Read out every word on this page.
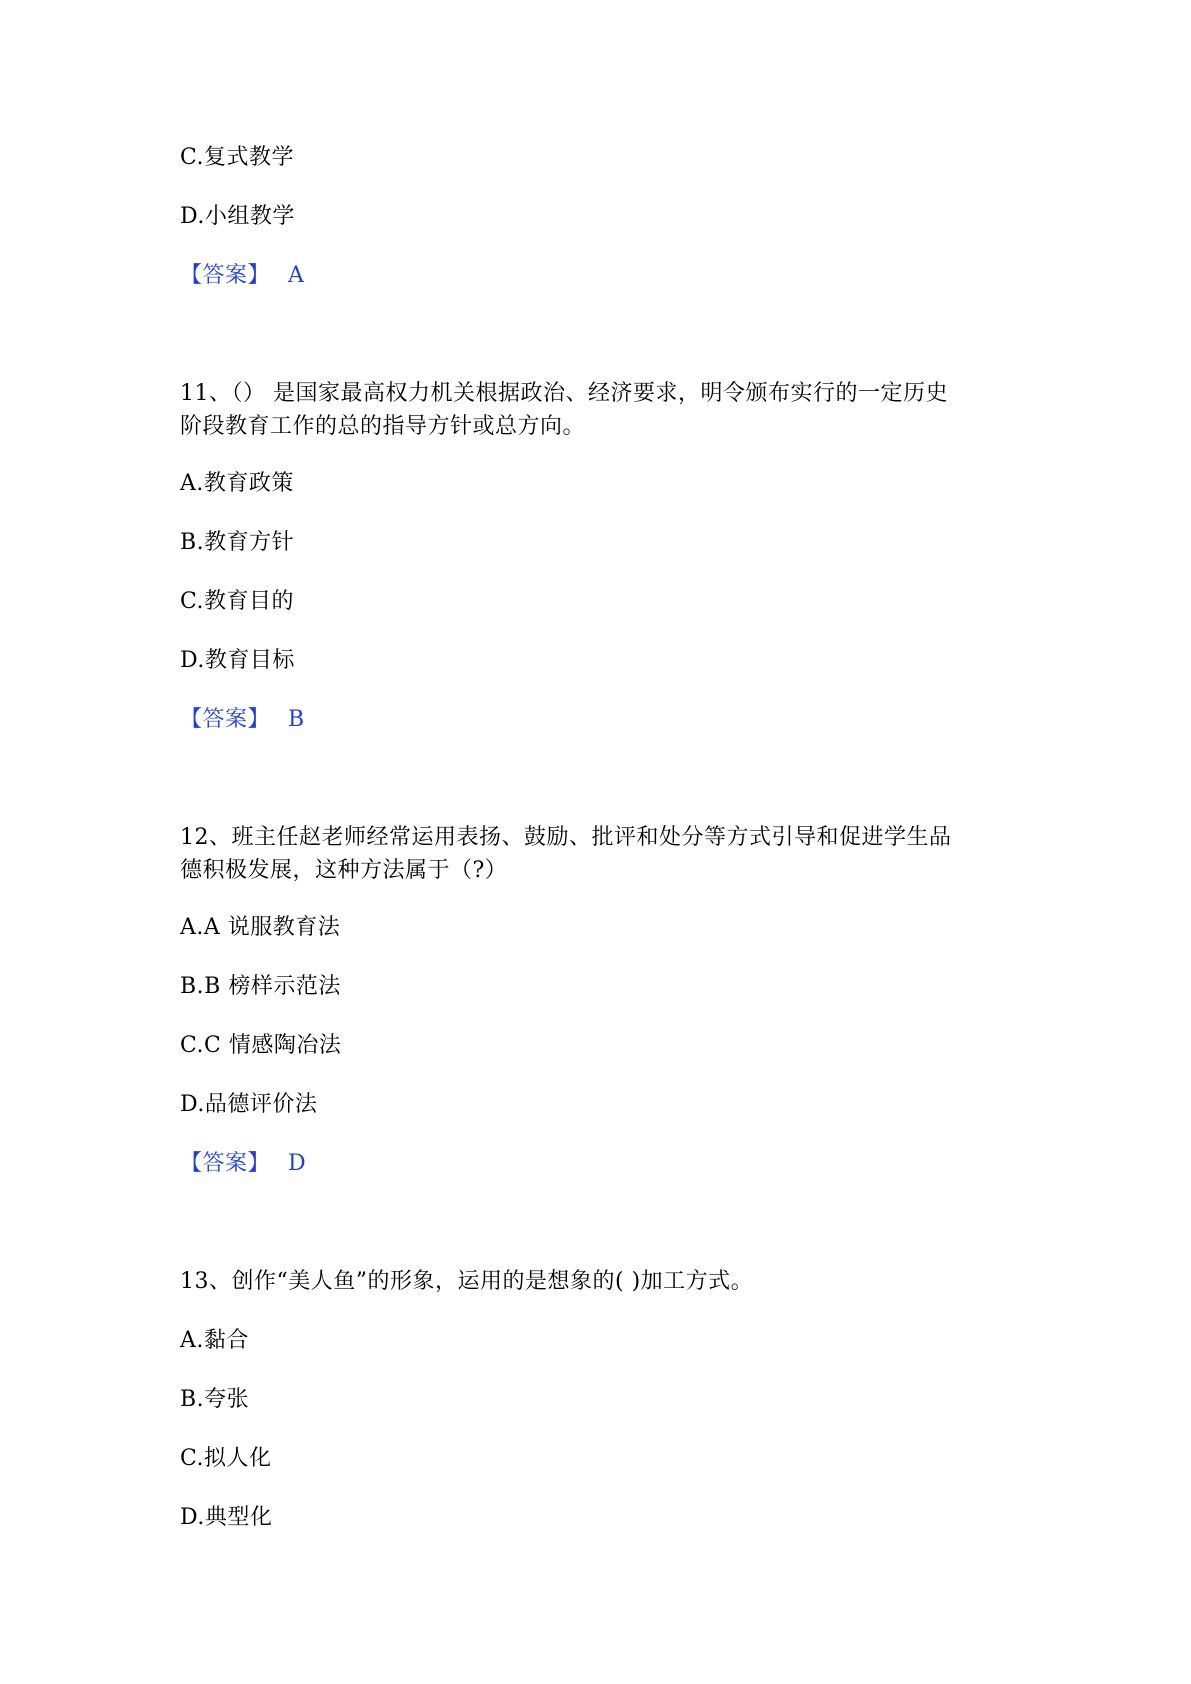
C.复式教学
D.小组教学
【答案】 A
11、（） 是国家最高权力机关根据政治、经济要求，明令颁布实行的一定历史
阶段教育工作的总的指导方针或总方向。
A.教育政策
B.教育方针
C.教育目的
D.教育目标
【答案】 B
12、班主任赵老师经常运用表扬、鼓励、批评和处分等方式引导和促进学生品
德积极发展，这种方法属于（?）
A.A 说服教育法
B.B 榜样示范法
C.C 情感陶冶法
D.品德评价法
【答案】 D
13、创作“美人鱼”的形象，运用的是想象的( )加工方式。
A.黏合
B.夸张
C.拟人化
D.典型化
